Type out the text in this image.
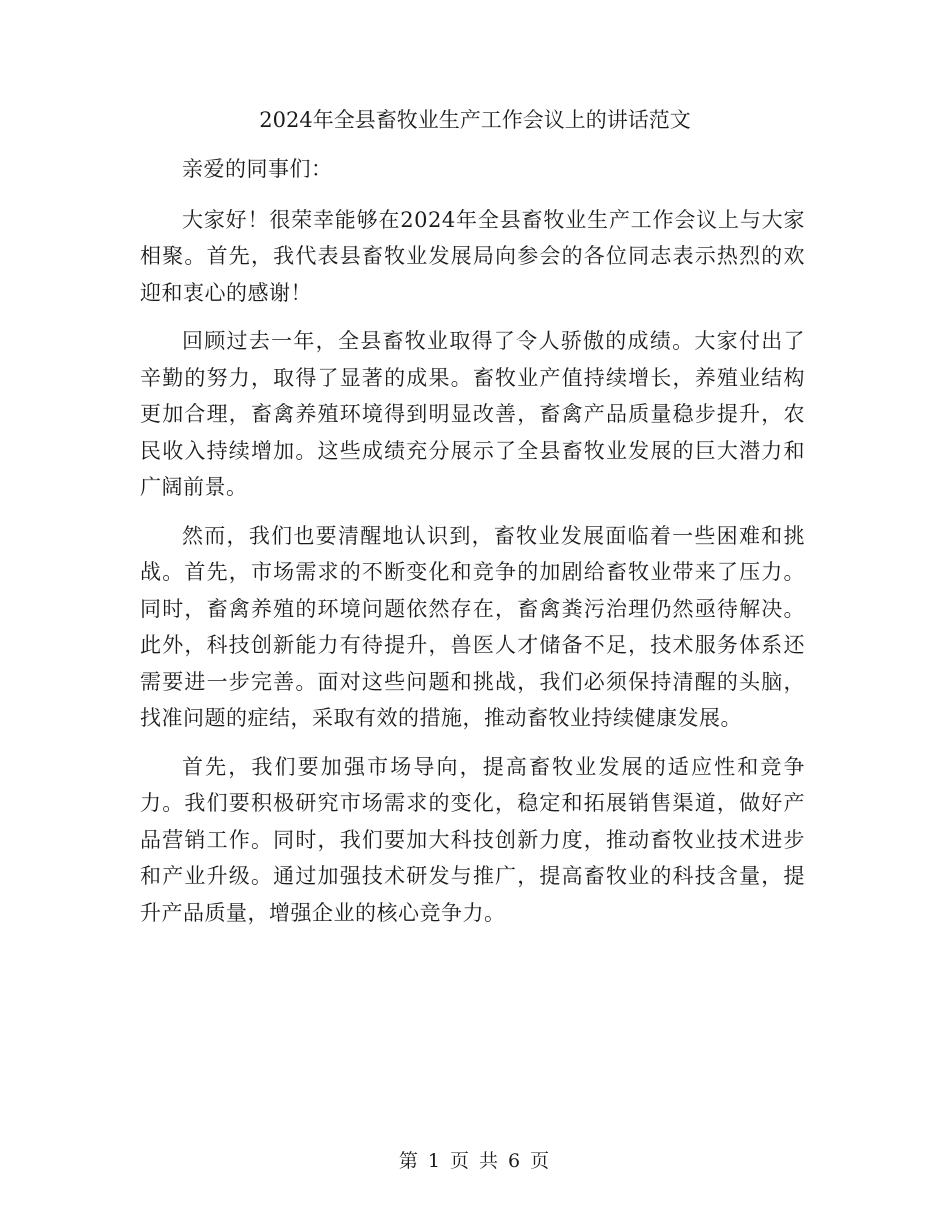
2024年全县畜牧业生产工作会议上的讲话范文

亲爱的同事们：

大家好！很荣幸能够在2024年全县畜牧业生产工作会议上与大家相聚。首先，我代表县畜牧业发展局向参会的各位同志表示热烈的欢迎和衷心的感谢！

回顾过去一年，全县畜牧业取得了令人骄傲的成绩。大家付出了辛勤的努力，取得了显著的成果。畜牧业产值持续增长，养殖业结构更加合理，畜禽养殖环境得到明显改善，畜禽产品质量稳步提升，农民收入持续增加。这些成绩充分展示了全县畜牧业发展的巨大潜力和广阔前景。

然而，我们也要清醒地认识到，畜牧业发展面临着一些困难和挑战。首先，市场需求的不断变化和竞争的加剧给畜牧业带来了压力。同时，畜禽养殖的环境问题依然存在，畜禽粪污治理仍然亟待解决。此外，科技创新能力有待提升，兽医人才储备不足，技术服务体系还需要进一步完善。面对这些问题和挑战，我们必须保持清醒的头脑，找准问题的症结，采取有效的措施，推动畜牧业持续健康发展。

首先，我们要加强市场导向，提高畜牧业发展的适应性和竞争力。我们要积极研究市场需求的变化，稳定和拓展销售渠道，做好产品营销工作。同时，我们要加大科技创新力度，推动畜牧业技术进步和产业升级。通过加强技术研发与推广，提高畜牧业的科技含量，提升产品质量，增强企业的核心竞争力。

第 1 页 共 6 页
